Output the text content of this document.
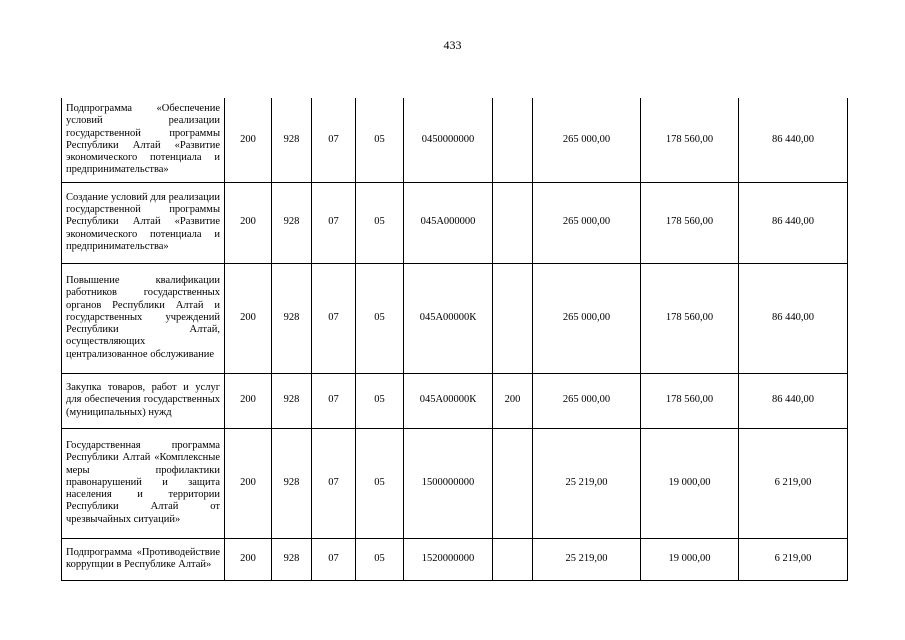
433
Подпрограмма «Обеспечение условий реализации государственной программы Республики Алтай «Развитие экономического потенциала и предпринимательства»	200	928	07	05	0450000000		265 000,00	178 560,00	86 440,00
Создание условий для реализации государственной программы Республики Алтай «Развитие экономического потенциала и предпринимательства»	200	928	07	05	045А000000		265 000,00	178 560,00	86 440,00
Повышение квалификации работников государственных органов Республики Алтай и государственных учреждений Республики Алтай, осуществляющих централизованное обслуживание	200	928	07	05	045А00000К		265 000,00	178 560,00	86 440,00
Закупка товаров, работ и услуг для обеспечения государственных (муниципальных) нужд	200	928	07	05	045А00000К	200	265 000,00	178 560,00	86 440,00
Государственная программа Республики Алтай «Комплексные меры профилактики правонарушений и защита населения и территории Республики Алтай от чрезвычайных ситуаций»	200	928	07	05	1500000000		25 219,00	19 000,00	6 219,00
Подпрограмма «Противодействие коррупции в Республике Алтай»	200	928	07	05	1520000000		25 219,00	19 000,00	6 219,00
